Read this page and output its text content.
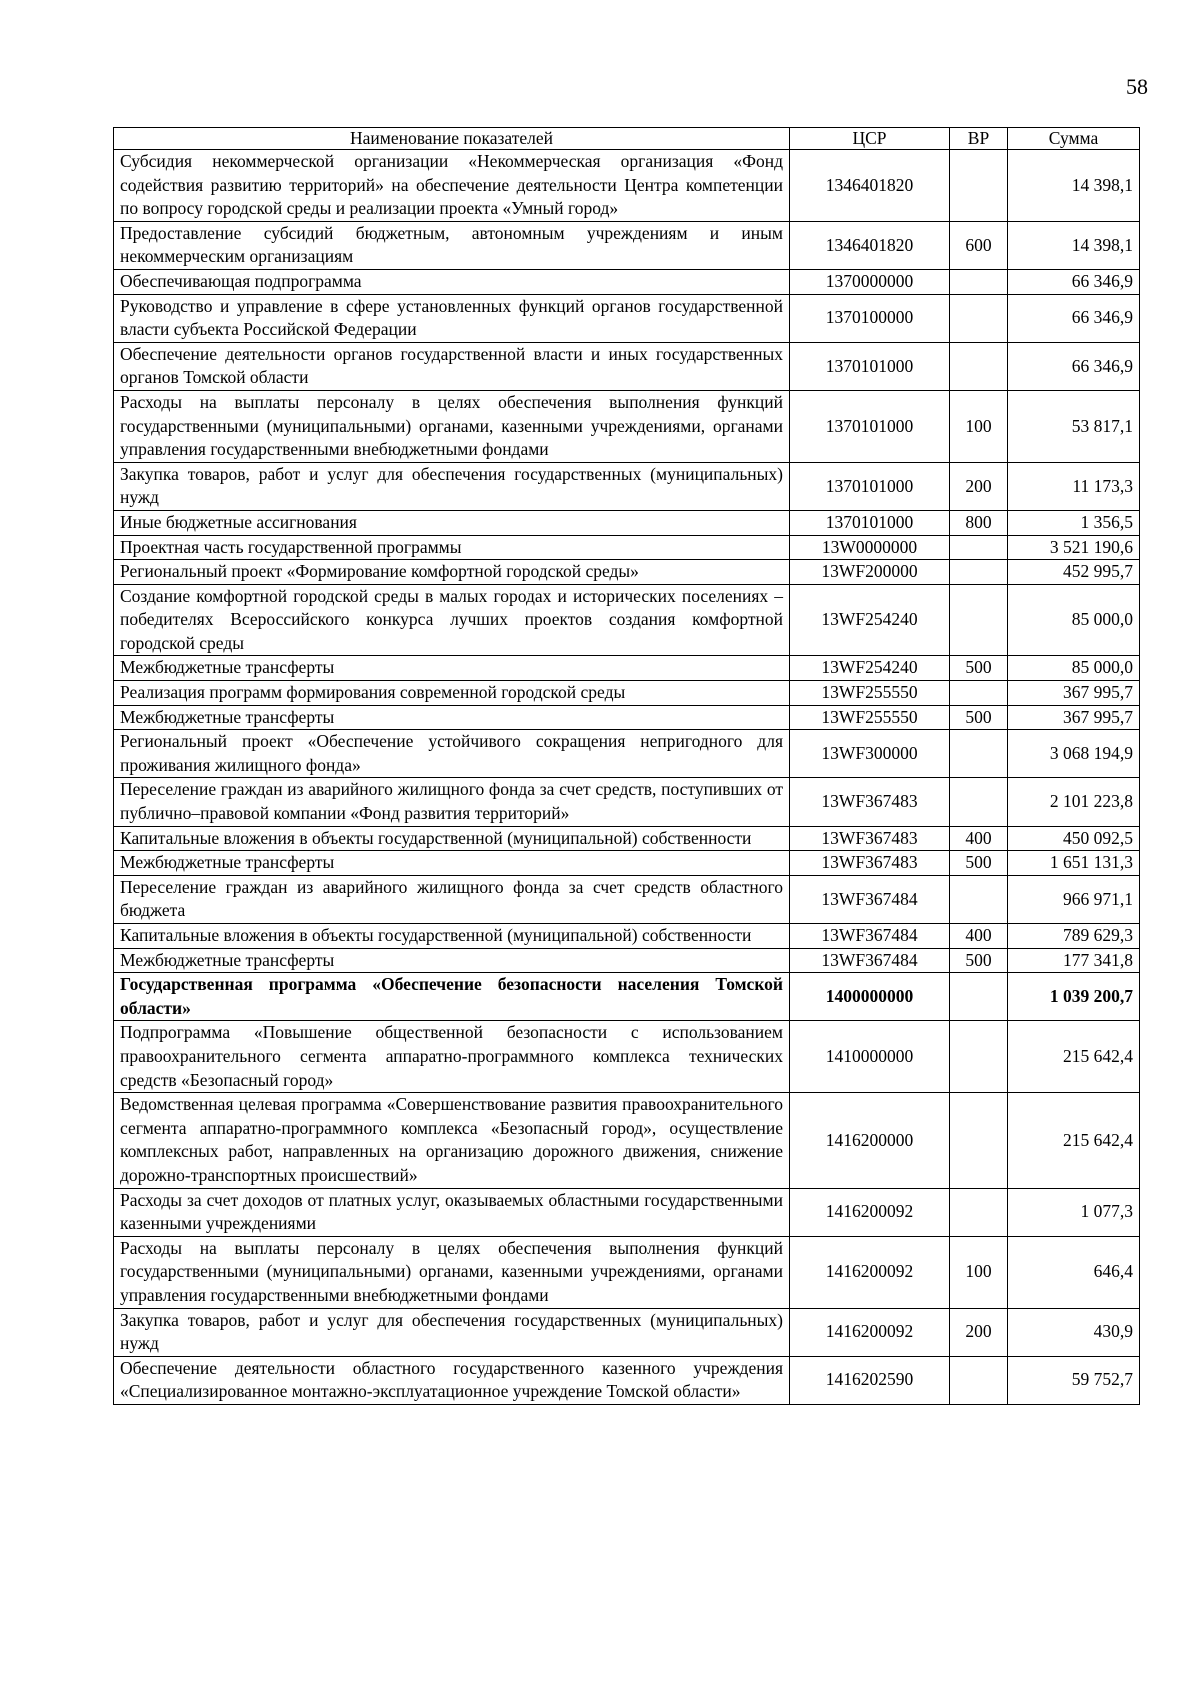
58
Наименование показателей	ЦСР	ВР	Сумма
Субсидия некоммерческой организации «Некоммерческая организация «Фонд содействия развитию территорий» на обеспечение деятельности Центра компетенции по вопросу городской среды и реализации проекта «Умный город»	1346401820		14 398,1
Предоставление субсидий бюджетным, автономным учреждениям и иным некоммерческим организациям	1346401820	600	14 398,1
Обеспечивающая подпрограмма	1370000000		66 346,9
Руководство и управление в сфере установленных функций органов государственной власти субъекта Российской Федерации	1370100000		66 346,9
Обеспечение деятельности органов государственной власти и иных государственных органов Томской области	1370101000		66 346,9
Расходы на выплаты персоналу в целях обеспечения выполнения функций государственными (муниципальными) органами, казенными учреждениями, органами управления государственными внебюджетными фондами	1370101000	100	53 817,1
Закупка товаров, работ и услуг для обеспечения государственных (муниципальных) нужд	1370101000	200	11 173,3
Иные бюджетные ассигнования	1370101000	800	1 356,5
Проектная часть государственной программы	13W0000000		3 521 190,6
Региональный проект «Формирование комфортной городской среды»	13WF200000		452 995,7
Создание комфортной городской среды в малых городах и исторических поселениях – победителях Всероссийского конкурса лучших проектов создания комфортной городской среды	13WF254240		85 000,0
Межбюджетные трансферты	13WF254240	500	85 000,0
Реализация программ формирования современной городской среды	13WF255550		367 995,7
Межбюджетные трансферты	13WF255550	500	367 995,7
Региональный проект «Обеспечение устойчивого сокращения непригодного для проживания жилищного фонда»	13WF300000		3 068 194,9
Переселение граждан из аварийного жилищного фонда за счет средств, поступивших от публично–правовой компании «Фонд развития территорий»	13WF367483		2 101 223,8
Капитальные вложения в объекты государственной (муниципальной) собственности	13WF367483	400	450 092,5
Межбюджетные трансферты	13WF367483	500	1 651 131,3
Переселение граждан из аварийного жилищного фонда за счет средств областного бюджета	13WF367484		966 971,1
Капитальные вложения в объекты государственной (муниципальной) собственности	13WF367484	400	789 629,3
Межбюджетные трансферты	13WF367484	500	177 341,8
Государственная программа «Обеспечение безопасности населения Томской области»	1400000000		1 039 200,7
Подпрограмма «Повышение общественной безопасности с использованием правоохранительного сегмента аппаратно-программного комплекса технических средств «Безопасный город»	1410000000		215 642,4
Ведомственная целевая программа «Совершенствование развития правоохранительного сегмента аппаратно-программного комплекса «Безопасный город», осуществление комплексных работ, направленных на организацию дорожного движения, снижение дорожно-транспортных происшествий»	1416200000		215 642,4
Расходы за счет доходов от платных услуг, оказываемых областными государственными казенными учреждениями	1416200092		1 077,3
Расходы на выплаты персоналу в целях обеспечения выполнения функций государственными (муниципальными) органами, казенными учреждениями, органами управления государственными внебюджетными фондами	1416200092	100	646,4
Закупка товаров, работ и услуг для обеспечения государственных (муниципальных) нужд	1416200092	200	430,9
Обеспечение деятельности областного государственного казенного учреждения «Специализированное монтажно-эксплуатационное учреждение Томской области»	1416202590		59 752,7
